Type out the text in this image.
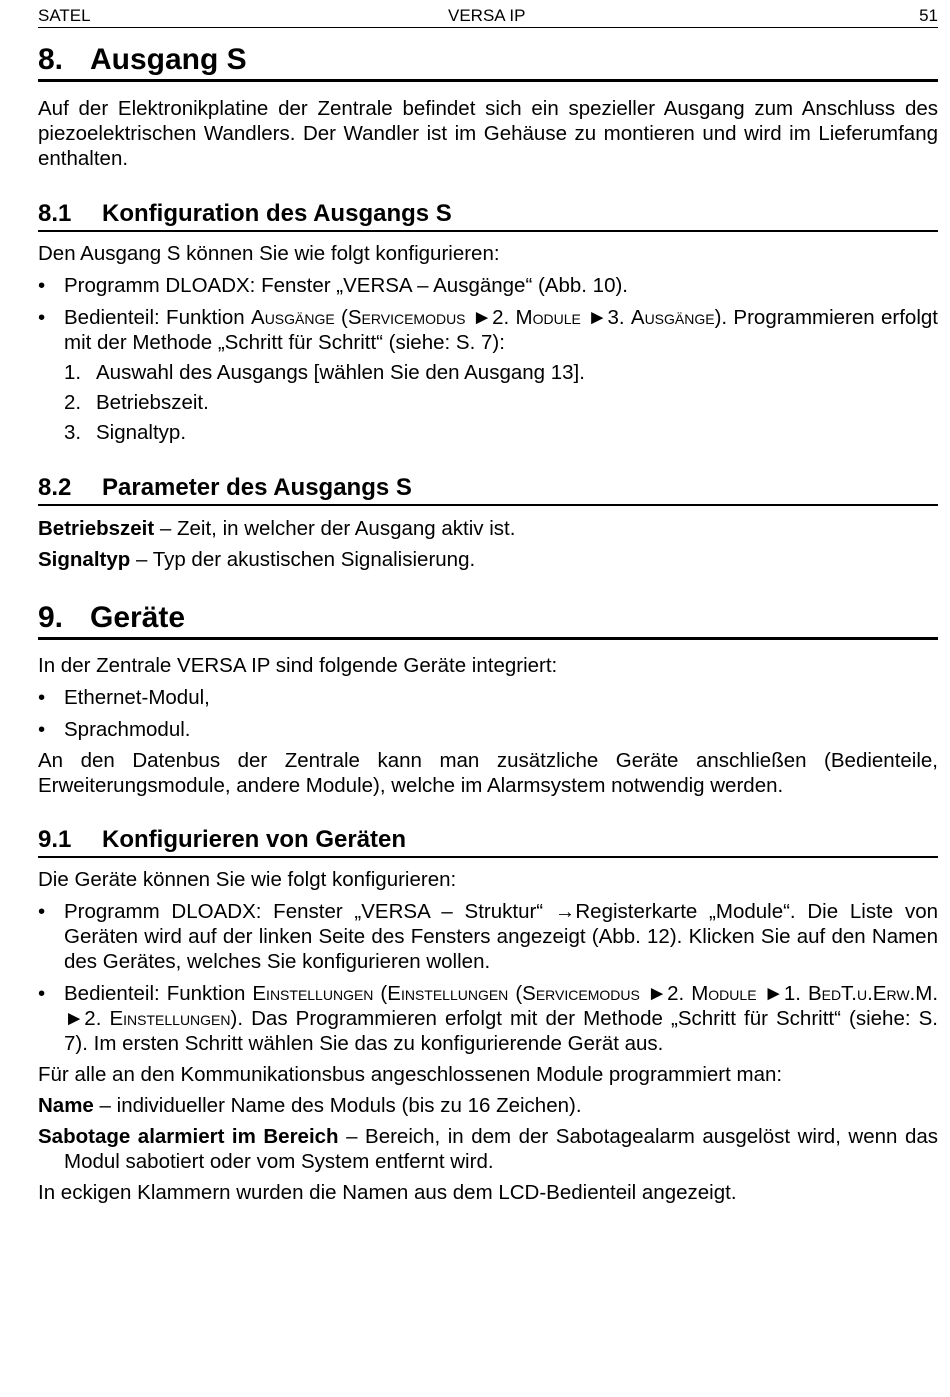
SATEL	VERSA IP	51
8. Ausgang S

Auf der Elektronikplatine der Zentrale befindet sich ein spezieller Ausgang zum Anschluss des piezoelektrischen Wandlers. Der Wandler ist im Gehäuse zu montieren und wird im Lieferumfang enthalten.

8.1 Konfiguration des Ausgangs S

Den Ausgang S können Sie wie folgt konfigurieren:

• Programm DLOADX: Fenster „VERSA – Ausgänge“ (Abb. 10).
• Bedienteil: Funktion Ausgänge (Servicemodus ►2. Module ►3. Ausgänge). Programmieren erfolgt mit der Methode „Schritt für Schritt“ (siehe: S. 7):
1. Auswahl des Ausgangs [wählen Sie den Ausgang 13].
2. Betriebszeit.
3. Signaltyp.
8.2 Parameter des Ausgangs S

Betriebszeit – Zeit, in welcher der Ausgang aktiv ist.

Signaltyp – Typ der akustischen Signalisierung.

9. Geräte

In der Zentrale VERSA IP sind folgende Geräte integriert:

• Ethernet-Modul,
• Sprachmodul.

An den Datenbus der Zentrale kann man zusätzliche Geräte anschließen (Bedienteile, Erweiterungsmodule, andere Module), welche im Alarmsystem notwendig werden.

9.1 Konfigurieren von Geräten

Die Geräte können Sie wie folgt konfigurieren:

• Programm DLOADX: Fenster „VERSA – Struktur“ →Registerkarte „Module“. Die Liste von Geräten wird auf der linken Seite des Fensters angezeigt (Abb. 12). Klicken Sie auf den Namen des Gerätes, welches Sie konfigurieren wollen.
• Bedienteil: Funktion Einstellungen (Einstellungen (Servicemodus ►2. Module ►1. BedT.u.Erw.M. ►2. Einstellungen). Das Programmieren erfolgt mit der Methode „Schritt für Schritt“ (siehe: S. 7). Im ersten Schritt wählen Sie das zu konfigurierende Gerät aus.

Für alle an den Kommunikationsbus angeschlossenen Module programmiert man:

Name – individueller Name des Moduls (bis zu 16 Zeichen).

Sabotage alarmiert im Bereich – Bereich, in dem der Sabotagealarm ausgelöst wird, wenn das Modul sabotiert oder vom System entfernt wird.

In eckigen Klammern wurden die Namen aus dem LCD-Bedienteil angezeigt.
